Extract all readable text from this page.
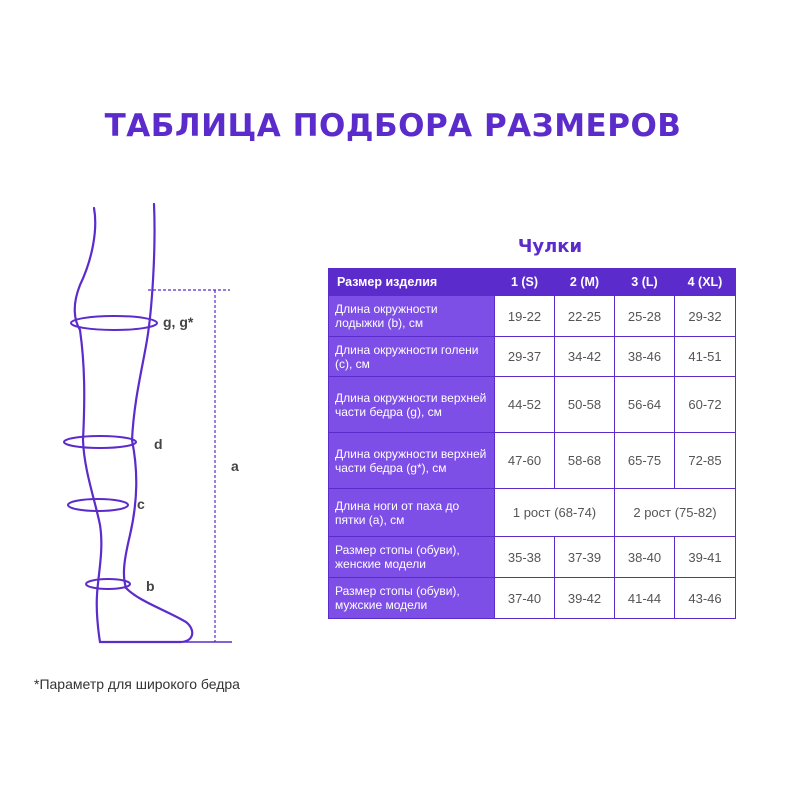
ТАБЛИЦА ПОДБОРА РАЗМЕРОВ
g, g*
d
c
b
a
Чулки
Размер изделия	1 (S)	2 (M)	3 (L)	4 (XL)
Длина окружности лодыжки (b), см	19-22	22-25	25-28	29-32
Длина окружности голени (c), см	29-37	34-42	38-46	41-51
Длина окружности верхней части бедра (g), см	44-52	50-58	56-64	60-72
Длина окружности верхней части бедра (g*), см	47-60	58-68	65-75	72-85
Длина ноги от паха до пятки (a), см	1 рост (68-74)		2 рост (75-82)	
Размер стопы (обуви), женские модели	35-38	37-39	38-40	39-41
Размер стопы (обуви), мужские модели	37-40	39-42	41-44	43-46
*Параметр для широкого бедра
